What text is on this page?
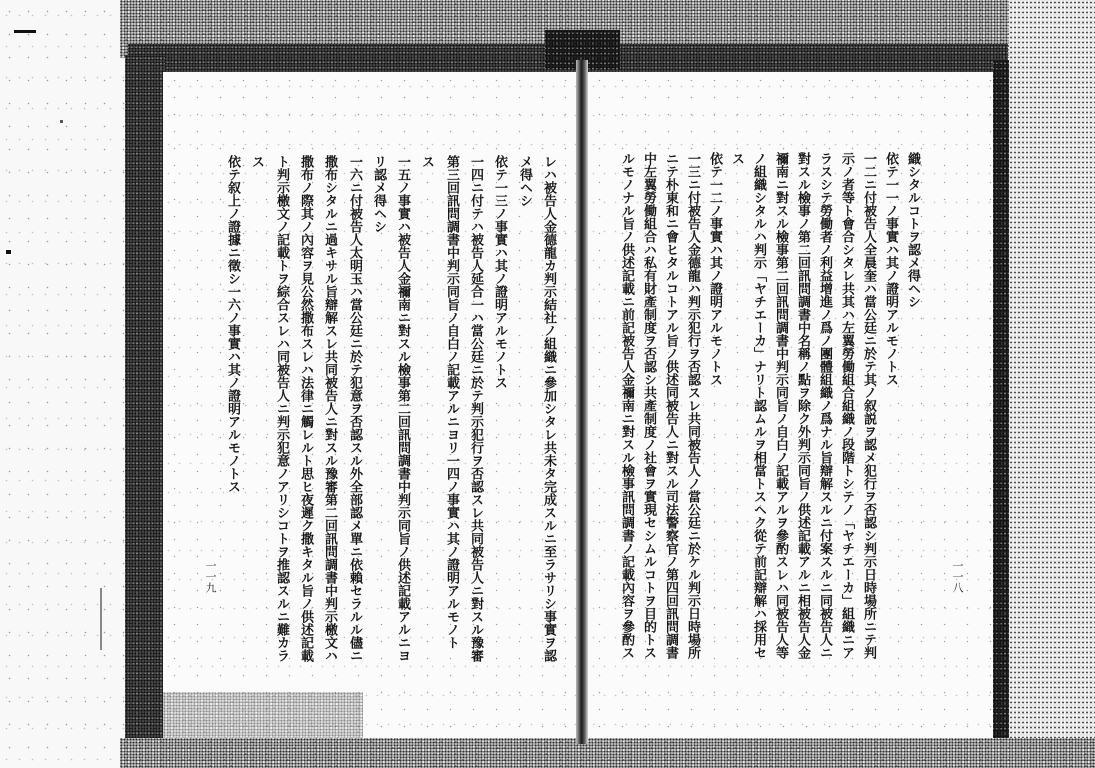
一一九	レハ被告人金德龍カ判示結社ノ組織ニ參加シタレ共未タ完成スルニ至ラサリシ事實ヲ認
メ得ヘシ
依テ一三ノ事實ハ其ノ證明アルモノトス
一四ニ付テハ被告人延合一ハ當公廷ニ於テ判示犯行ヲ否認スレ共同被告人ニ對スル豫審
第三回訊問調書中判示同旨ノ自白ノ記載アルニヨリ一四ノ事實ハ其ノ證明アルモノト
ス
一五ノ事實ハ被告人金禰南ニ對スル檢事第二回訊問調書中判示同旨ノ供述記載アルニヨ
リ認メ得ヘシ
一六ニ付被告人太明玉ハ當公廷ニ於テ犯意ヲ否認スル外全部認メ單ニ依賴セラルル儘ニ
撒布シタルニ過キサル旨辯解スレ共同被告人ニ對スル豫審第二回訊問調書中判示檄文ハ
撒布ノ際其ノ內容ヲ見公然撒布スレハ法律ニ觸レルト思ヒ夜遲ク撒キタル旨ノ供述記載
ト判示檄文ノ記載トヲ綜合スレハ同被告人ニ判示犯意ノアリシコトヲ推認スルニ難カラ
ス
依テ叙上ノ證據ニ徵シ一六ノ事實ハ其ノ證明アルモノトス
一一八
織シタルコトヲ認メ得ヘシ
依テ一一ノ事實ハ其ノ證明アルモノトス
一二ニ付被告人全晨奎ハ當公廷ニ於テ其ノ叙説ヲ認メ犯行ヲ否認シ判示日時場所ニテ判
示ノ者等ト會合シタレ共其ハ左翼勞働組合組織ノ段階トシテノ「ヤチエーカ」組織ニア
ラスシテ勞働者ノ利益增進ノ爲ノ團體組織ノ爲ナル旨辯解スルニ付案スルニ同被告人ニ
對スル檢事ノ第二回訊問調書中名稱ノ點ヲ除ク外判示同旨ノ供述記載アルニ相被告人金
禰南ニ對スル檢事第二回訊問調書中判示同旨ノ自白ノ記載アルヲ參酌スレハ同被告人等
ノ組織シタルハ判示「ヤチエーカ」ナリト認ムルヲ相當トスヘク從テ前記辯解ハ採用セ
ス
依テ一二ノ事實ハ其ノ證明アルモノトス
一三ニ付被告人金德龍ハ判示犯行ヲ否認スレ共同被告人ノ當公廷ニ於ケル判示日時場所
ニテ朴東和ニ會ヒタルコトアル旨ノ供述同被告人ニ對スル司法警察官ノ第四回訊問調書
中左翼勞働組合ハ私有財產制度ヲ否認シ共產制度ノ社會ヲ實現セシムルコトヲ目的トス
ルモノナル旨ノ供述記載ニ前記被告人金禰南ニ對スル檢事訊問調書ノ記載內容ヲ參酌ス
